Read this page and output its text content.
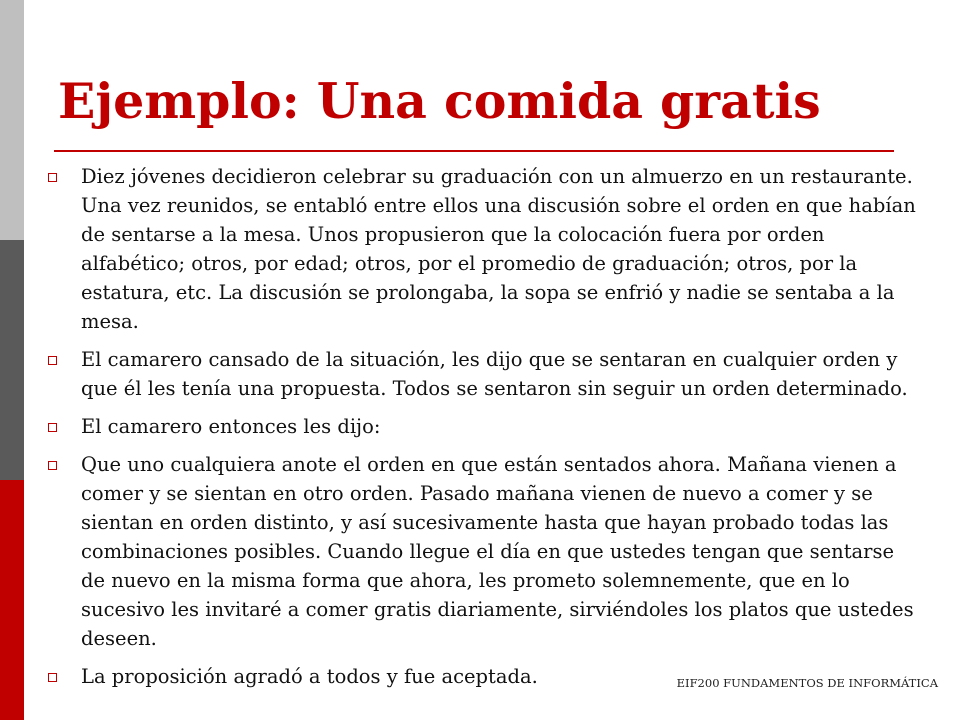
Ejemplo: Una comida gratis
Diez jóvenes decidieron celebrar su graduación con un almuerzo en un restaurante. Una vez reunidos, se entabló entre ellos una discusión sobre el orden en que habían de sentarse a la mesa. Unos propusieron que la colocación fuera por orden alfabético; otros, por edad; otros, por el promedio de graduación; otros, por la estatura, etc. La discusión se prolongaba, la sopa se enfrió y nadie se sentaba a la mesa.
El camarero cansado de la situación, les dijo que se sentaran en cualquier orden y que él les tenía una propuesta. Todos se sentaron sin seguir un orden determinado.
El camarero entonces les dijo:
Que uno cualquiera anote el orden en que están sentados ahora. Mañana vienen a comer y se sientan en otro orden. Pasado mañana vienen de nuevo a comer y se sientan en orden distinto, y así sucesivamente hasta que hayan probado todas las combinaciones posibles. Cuando llegue el día en que ustedes tengan que sentarse de nuevo en la misma forma que ahora, les prometo solemnemente, que en lo sucesivo les invitaré a comer gratis diariamente, sirviéndoles los platos que ustedes deseen.
La proposición agradó a todos y fue aceptada.	EIF200 FUNDAMENTOS DE INFORMÁTICA
